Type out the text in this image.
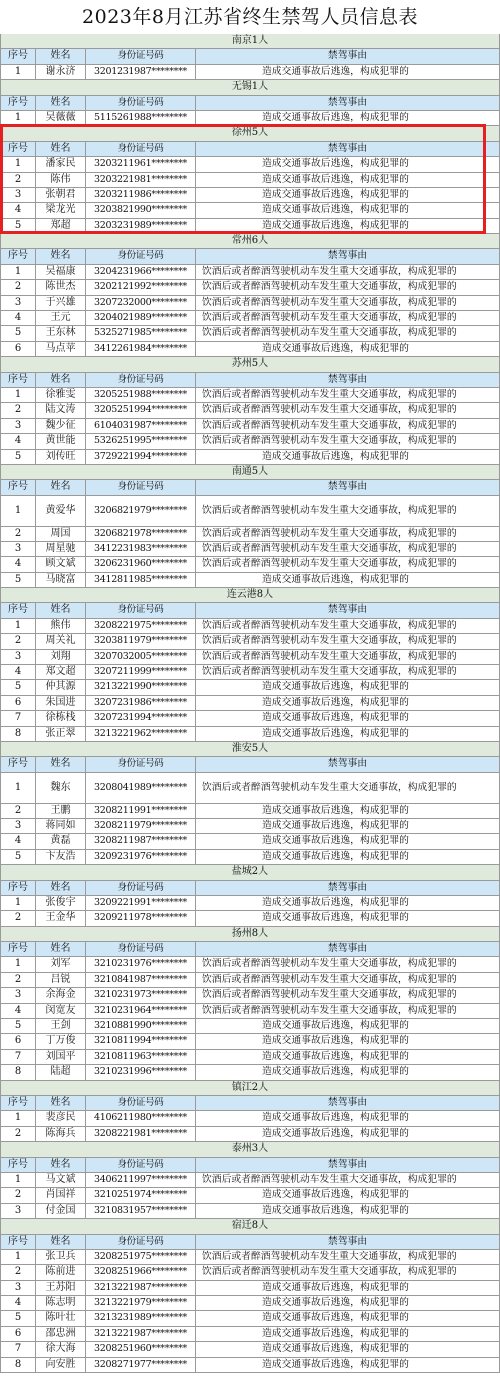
2023年8月江苏省终生禁驾人员信息表
南京1人
序号	姓名	身份证号码	禁驾事由
1	谢永济	3201231987********	造成交通事故后逃逸，构成犯罪的
无锡1人
序号	姓名	身份证号码	禁驾事由
1	吴薇薇	5115261988********	造成交通事故后逃逸，构成犯罪的
徐州5人
序号	姓名	身份证号码	禁驾事由
1	潘家民	3203211961********	造成交通事故后逃逸，构成犯罪的
2	陈伟	3203221981********	造成交通事故后逃逸，构成犯罪的
3	张朝君	3203211986********	造成交通事故后逃逸，构成犯罪的
4	梁龙光	3203821990********	造成交通事故后逃逸，构成犯罪的
5	郑超	3203231989********	造成交通事故后逃逸，构成犯罪的
常州6人
序号	姓名	身份证号码	禁驾事由
1	吴福康	3204231966********	饮酒后或者醉酒驾驶机动车发生重大交通事故，构成犯罪的
2	陈世杰	3202121992********	饮酒后或者醉酒驾驶机动车发生重大交通事故，构成犯罪的
3	于兴雄	3207232000********	饮酒后或者醉酒驾驶机动车发生重大交通事故，构成犯罪的
4	王元	3204021989********	饮酒后或者醉酒驾驶机动车发生重大交通事故，构成犯罪的
5	王东林	5325271985********	饮酒后或者醉酒驾驶机动车发生重大交通事故，构成犯罪的
6	马点苹	3412261984********	造成交通事故后逃逸，构成犯罪的
苏州5人
序号	姓名	身份证号码	禁驾事由
1	徐雅雯	3205251988********	饮酒后或者醉酒驾驶机动车发生重大交通事故，构成犯罪的
2	陆文涛	3205251994********	饮酒后或者醉酒驾驶机动车发生重大交通事故，构成犯罪的
3	魏少征	6104031987********	饮酒后或者醉酒驾驶机动车发生重大交通事故，构成犯罪的
4	黄世能	5326251995********	饮酒后或者醉酒驾驶机动车发生重大交通事故，构成犯罪的
5	刘传旺	3729221994********	造成交通事故后逃逸，构成犯罪的
南通5人
序号	姓名	身份证号码	禁驾事由
1	黄爱华	3206821979********	饮酒后或者醉酒驾驶机动车发生重大交通事故，构成犯罪的
2	周国	3206821978********	饮酒后或者醉酒驾驶机动车发生重大交通事故，构成犯罪的
3	周星驰	3412231983********	饮酒后或者醉酒驾驶机动车发生重大交通事故，构成犯罪的
4	顾文斌	3206231960********	饮酒后或者醉酒驾驶机动车发生重大交通事故，构成犯罪的
5	马晓富	3412811985********	造成交通事故后逃逸，构成犯罪的
连云港8人
序号	姓名	身份证号码	禁驾事由
1	熊伟	3208221975********	饮酒后或者醉酒驾驶机动车发生重大交通事故，构成犯罪的
2	周关礼	3203811979********	饮酒后或者醉酒驾驶机动车发生重大交通事故，构成犯罪的
3	刘翔	3207032005********	饮酒后或者醉酒驾驶机动车发生重大交通事故，构成犯罪的
4	郑文超	3207211999********	饮酒后或者醉酒驾驶机动车发生重大交通事故，构成犯罪的
5	仲其源	3213221990********	造成交通事故后逃逸，构成犯罪的
6	朱国进	3207231986********	造成交通事故后逃逸，构成犯罪的
7	徐栋栈	3207231994********	造成交通事故后逃逸，构成犯罪的
8	张正翠	3213221962********	造成交通事故后逃逸，构成犯罪的
淮安5人
序号	姓名	身份证号码	禁驾事由
1	魏东	3208041989********	饮酒后或者醉酒驾驶机动车发生重大交通事故，构成犯罪的
2	王鹏	3208211991********	造成交通事故后逃逸，构成犯罪的
3	蒋同如	3208211979********	造成交通事故后逃逸，构成犯罪的
4	黄磊	3208211987********	造成交通事故后逃逸，构成犯罪的
5	卞友浩	3209231976********	造成交通事故后逃逸，构成犯罪的
盐城2人
序号	姓名	身份证号码	禁驾事由
1	张俊宇	3209221991********	造成交通事故后逃逸，构成犯罪的
2	王金华	3209211978********	造成交通事故后逃逸，构成犯罪的
扬州8人
序号	姓名	身份证号码	禁驾事由
1	刘军	3210231976********	饮酒后或者醉酒驾驶机动车发生重大交通事故，构成犯罪的
2	吕锐	3210841987********	饮酒后或者醉酒驾驶机动车发生重大交通事故，构成犯罪的
3	余海金	3210231973********	饮酒后或者醉酒驾驶机动车发生重大交通事故，构成犯罪的
4	闵宽友	3210231964********	饮酒后或者醉酒驾驶机动车发生重大交通事故，构成犯罪的
5	王剑	3210881990********	造成交通事故后逃逸，构成犯罪的
6	丁万俊	3210811994********	造成交通事故后逃逸，构成犯罪的
7	刘国平	3210811963********	造成交通事故后逃逸，构成犯罪的
8	陆超	3210231996********	造成交通事故后逃逸，构成犯罪的
镇江2人
序号	姓名	身份证号码	禁驾事由
1	裴彦民	4106211980********	造成交通事故后逃逸，构成犯罪的
2	陈海兵	3208221981********	造成交通事故后逃逸，构成犯罪的
泰州3人
序号	姓名	身份证号码	禁驾事由
1	马文斌	3406211997********	饮酒后或者醉酒驾驶机动车发生重大交通事故，构成犯罪的
2	肖国祥	3210251974********	造成交通事故后逃逸，构成犯罪的
3	付金国	3210831957********	造成交通事故后逃逸，构成犯罪的
宿迁8人
序号	姓名	身份证号码	禁驾事由
1	张卫兵	3208251975********	饮酒后或者醉酒驾驶机动车发生重大交通事故，构成犯罪的
2	陈前进	3208251966********	饮酒后或者醉酒驾驶机动车发生重大交通事故，构成犯罪的
3	王苏阳	3213221987********	造成交通事故后逃逸，构成犯罪的
4	陈志明	3213221979********	造成交通事故后逃逸，构成犯罪的
5	陈叶壮	3213231989********	造成交通事故后逃逸，构成犯罪的
6	邵忠洲	3213221987********	造成交通事故后逃逸，构成犯罪的
7	徐大海	3208251960********	造成交通事故后逃逸，构成犯罪的
8	向安胜	3208271977********	造成交通事故后逃逸，构成犯罪的
